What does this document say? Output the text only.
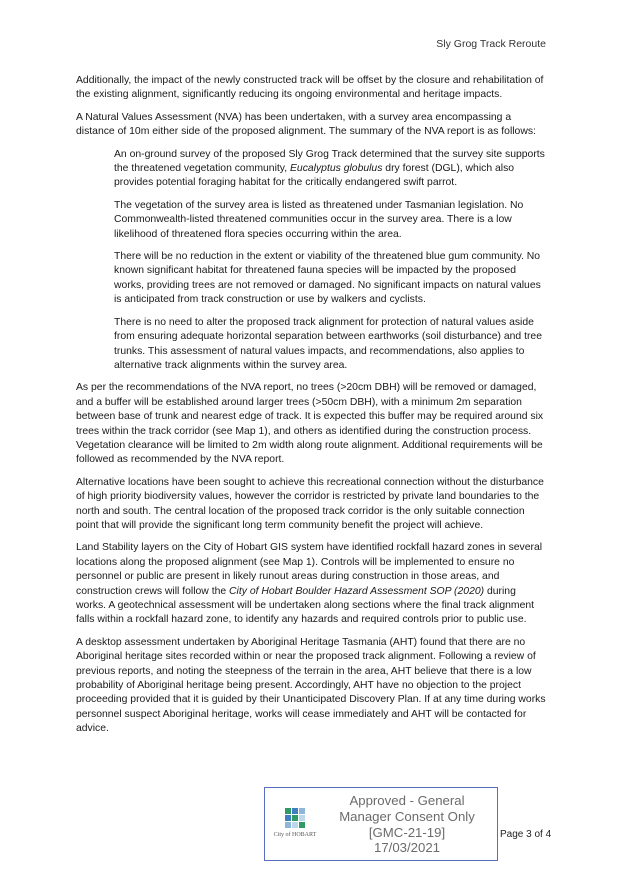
Sly Grog Track Reroute

Additionally, the impact of the newly constructed track will be offset by the closure and rehabilitation of the existing alignment, significantly reducing its ongoing environmental and heritage impacts.

A Natural Values Assessment (NVA) has been undertaken, with a survey area encompassing a distance of 10m either side of the proposed alignment. The summary of the NVA report is as follows:

An on-ground survey of the proposed Sly Grog Track determined that the survey site supports the threatened vegetation community, Eucalyptus globulus dry forest (DGL), which also provides potential foraging habitat for the critically endangered swift parrot.

The vegetation of the survey area is listed as threatened under Tasmanian legislation. No Commonwealth-listed threatened communities occur in the survey area. There is a low likelihood of threatened flora species occurring within the area.

There will be no reduction in the extent or viability of the threatened blue gum community. No known significant habitat for threatened fauna species will be impacted by the proposed works, providing trees are not removed or damaged. No significant impacts on natural values is anticipated from track construction or use by walkers and cyclists.

There is no need to alter the proposed track alignment for protection of natural values aside from ensuring adequate horizontal separation between earthworks (soil disturbance) and tree trunks. This assessment of natural values impacts, and recommendations, also applies to alternative track alignments within the survey area.

As per the recommendations of the NVA report, no trees (>20cm DBH) will be removed or damaged, and a buffer will be established around larger trees (>50cm DBH), with a minimum 2m separation between base of trunk and nearest edge of track. It is expected this buffer may be required around six trees within the track corridor (see Map 1), and others as identified during the construction process. Vegetation clearance will be limited to 2m width along route alignment. Additional requirements will be followed as recommended by the NVA report.

Alternative locations have been sought to achieve this recreational connection without the disturbance of high priority biodiversity values, however the corridor is restricted by private land boundaries to the north and south. The central location of the proposed track corridor is the only suitable connection point that will provide the significant long term community benefit the project will achieve.

Land Stability layers on the City of Hobart GIS system have identified rockfall hazard zones in several locations along the proposed alignment (see Map 1). Controls will be implemented to ensure no personnel or public are present in likely runout areas during construction in those areas, and construction crews will follow the City of Hobart Boulder Hazard Assessment SOP (2020) during works. A geotechnical assessment will be undertaken along sections where the final track alignment falls within a rockfall hazard zone, to identify any hazards and required controls prior to public use.

A desktop assessment undertaken by Aboriginal Heritage Tasmania (AHT) found that there are no Aboriginal heritage sites recorded within or near the proposed track alignment. Following a review of previous reports, and noting the steepness of the terrain in the area, AHT believe that there is a low probability of Aboriginal heritage being present. Accordingly, AHT have no objection to the project proceeding provided that it is guided by their Unanticipated Discovery Plan. If at any time during works personnel suspect Aboriginal heritage, works will cease immediately and AHT will be contacted for advice.

City of HOBART
Approved - General
Manager Consent Only
[GMC-21-19]
17/03/2021
Page 3 of 4
